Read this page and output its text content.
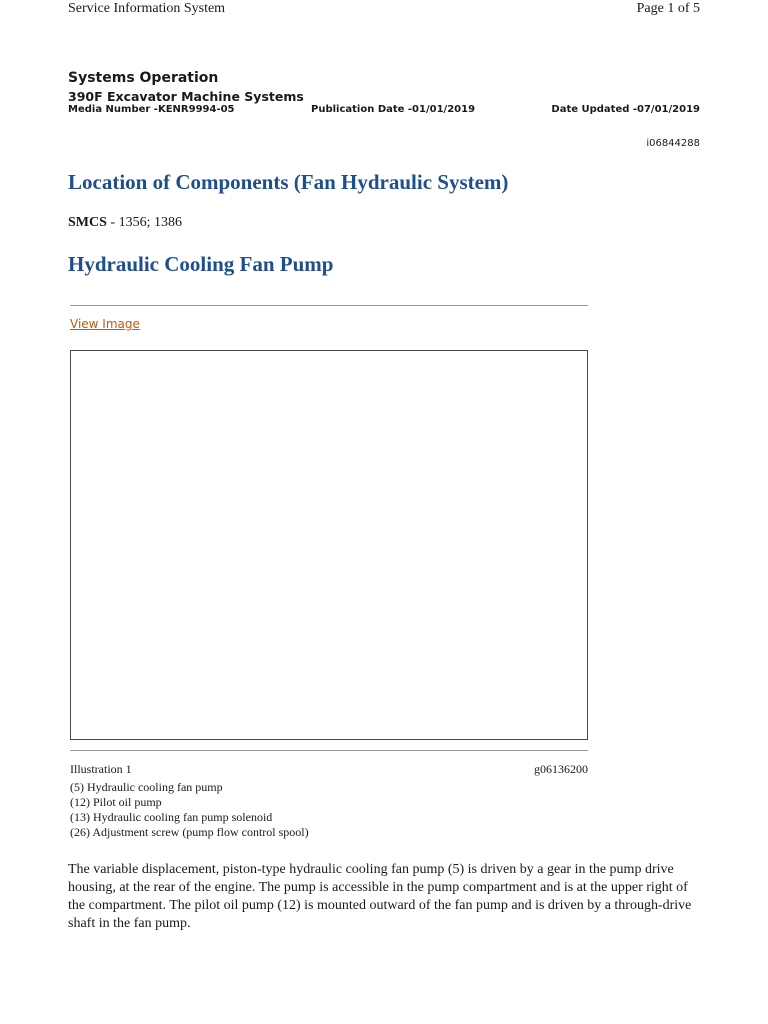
Service Information System	Page 1 of 5
Systems Operation
390F Excavator Machine Systems
Media Number -KENR9994-05	Publication Date -01/01/2019	Date Updated -07/01/2019
i06844288
Location of Components (Fan Hydraulic System)
SMCS - 1356; 1386
Hydraulic Cooling Fan Pump
View Image
Illustration 1	g06136200
(5) Hydraulic cooling fan pump
(12) Pilot oil pump
(13) Hydraulic cooling fan pump solenoid
(26) Adjustment screw (pump flow control spool)

The variable displacement, piston-type hydraulic cooling fan pump (5) is driven by a gear in the pump drive housing, at the rear of the engine. The pump is accessible in the pump compartment and is at the upper right of the compartment. The pilot oil pump (12) is mounted outward of the fan pump and is driven by a through-drive shaft in the fan pump.
